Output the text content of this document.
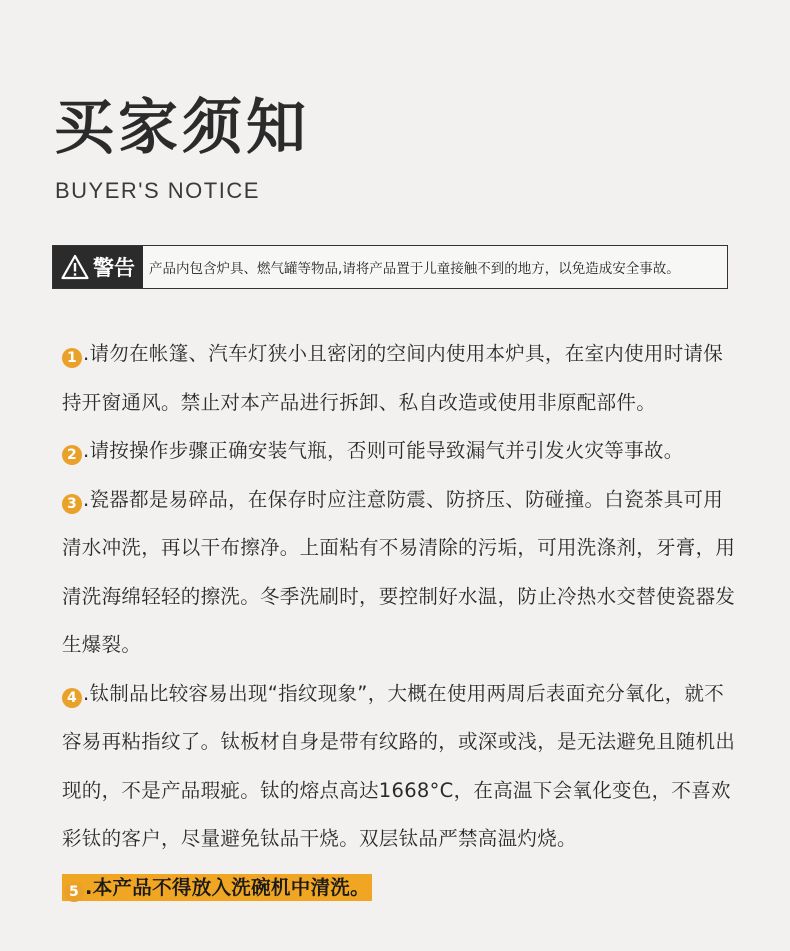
买家须知
BUYER'S NOTICE
警告	产品内包含炉具、燃气罐等物品,请将产品置于儿童接触不到的地方，以免造成安全事故。
1 .请勿在帐篷、汽车灯狭小且密闭的空间内使用本炉具，在室内使用时请保持开窗通风。禁止对本产品进行拆卸、私自改造或使用非原配部件。
2 .请按操作步骤正确安装气瓶，否则可能导致漏气并引发火灾等事故。
3 .瓷器都是易碎品，在保存时应注意防震、防挤压、防碰撞。白瓷茶具可用清水冲洗，再以干布擦净。上面粘有不易清除的污垢，可用洗涤剂，牙膏，用清洗海绵轻轻的擦洗。冬季洗刷时，要控制好水温，防止冷热水交替使瓷器发生爆裂。
4 .钛制品比较容易出现“指纹现象”，大概在使用两周后表面充分氧化，就不容易再粘指纹了。钛板材自身是带有纹路的，或深或浅，是无法避免且随机出现的，不是产品瑕疵。钛的熔点高达1668°C，在高温下会氧化变色，不喜欢彩钛的客户，尽量避免钛品干烧。双层钛品严禁高温灼烧。
5 .本产品不得放入洗碗机中清洗。
